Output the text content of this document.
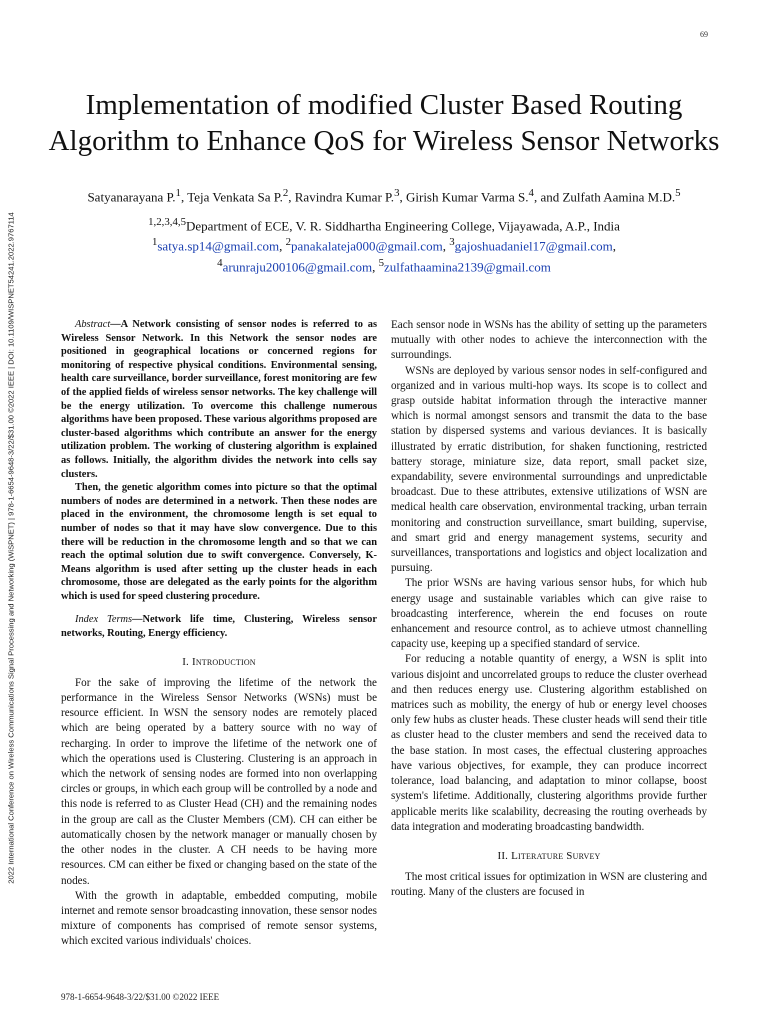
69
2022 International Conference on Wireless Communications Signal Processing and Networking (WiSPNET) | 978-1-6654-9648-3/22/$31.00 ©2022 IEEE | DOI: 10.1109/WISPNET54241.2022.9767114
Implementation of modified Cluster Based Routing Algorithm to Enhance QoS for Wireless Sensor Networks
Satyanarayana P.$^1$, Teja Venkata Sa P.$^2$, Ravindra Kumar P.$^3$, Girish Kumar Varma S.$^4$, and Zulfath Aamina M.D.$^5$
$^{1,2,3,4,5}$Department of ECE, V. R. Siddhartha Engineering College, Vijayawada, A.P., India
$^1$satya.sp14@gmail.com, $^2$panakalateja000@gmail.com, $^3$gajoshuadaniel17@gmail.com,
$^4$arunraju200106@gmail.com, $^5$zulfathaamina2139@gmail.com

Abstract—A Network consisting of sensor nodes is referred to as Wireless Sensor Network. In this Network the sensor nodes are positioned in geographical locations or concerned regions for monitoring of respective physical conditions. Environmental sensing, health care surveillance, border surveillance, forest monitoring are few of the applied fields of wireless sensor networks. The key challenge will be the energy utilization. To overcome this challenge numerous algorithms have been proposed. These various algorithms proposed are cluster-based algorithms which contribute an answer for the energy utilization problem. The working of clustering algorithm is explained as follows. Initially, the algorithm divides the network into cells say clusters.

Then, the genetic algorithm comes into picture so that the optimal numbers of nodes are determined in a network. Then these nodes are placed in the environment, the chromosome length is set equal to number of nodes so that it may have slow convergence. Due to this there will be reduction in the chromosome length and so that we can reach the optimal solution due to swift convergence. Conversely, K-Means algorithm is used after setting up the cluster heads in each chromosome, those are delegated as the early points for the algorithm which is used for speed clustering procedure.

Index Terms—Network life time, Clustering, Wireless sensor networks, Routing, Energy efficiency.

I. Introduction

For the sake of improving the lifetime of the network the performance in the Wireless Sensor Networks (WSNs) must be resource efficient. In WSN the sensory nodes are remotely placed which are being operated by a battery source with no way of recharging. In order to improve the lifetime of the network one of which the operations used is Clustering. Clustering is an approach in which the network of sensing nodes are formed into non overlapping circles or groups, in which each group will be controlled by a node and this node is referred to as Cluster Head (CH) and the remaining nodes in the group are call as the Cluster Members (CM). CH can either be automatically chosen by the network manager or manually chosen by the other nodes in the cluster. A CH needs to be having more resources. CM can either be fixed or changing based on the state of the nodes.

With the growth in adaptable, embedded computing, mobile internet and remote sensor broadcasting innovation, these sensor nodes mixture of components has comprised of remote sensor systems, which excited various individuals' choices.

Each sensor node in WSNs has the ability of setting up the parameters mutually with other nodes to achieve the interconnection with the surroundings.

WSNs are deployed by various sensor nodes in self-configured and organized and in various multi-hop ways. Its scope is to collect and grasp outside habitat information through the interactive manner which is normal amongst sensors and transmit the data to the base station by dispersed systems and various deviances. It is basically illustrated by erratic distribution, for shaken functioning, restricted battery storage, miniature size, data report, small packet size, expandability, severe environmental surroundings and unpredictable broadcast. Due to these attributes, extensive utilizations of WSN are medical health care observation, environmental tracking, urban terrain monitoring and construction surveillance, smart building, supervise, and smart grid and energy management systems, security and surveillances, transportations and logistics and object localization and pursuing.

The prior WSNs are having various sensor hubs, for which hub energy usage and sustainable variables which can give raise to broadcasting interference, wherein the end focuses on route enhancement and resource control, as to achieve utmost channelling capacity use, keeping up a specified standard of service.

For reducing a notable quantity of energy, a WSN is split into various disjoint and uncorrelated groups to reduce the cluster overhead and then reduces energy use. Clustering algorithm established on matrices such as mobility, the energy of hub or energy level chooses only few hubs as cluster heads. These cluster heads will send their title as cluster head to the cluster members and send the received data to the base station. In most cases, the effectual clustering approaches have various objectives, for example, they can produce incorrect tolerance, load balancing, and adaptation to minor collapse, boost system's lifetime. Additionally, clustering algorithms provide further applicable merits like scalability, decreasing the routing overheads by data integration and moderating broadcasting bandwidth.

II. Literature Survey

The most critical issues for optimization in WSN are clustering and routing. Many of the clusters are focused in

978-1-6654-9648-3/22/$31.00 ©2022 IEEE
